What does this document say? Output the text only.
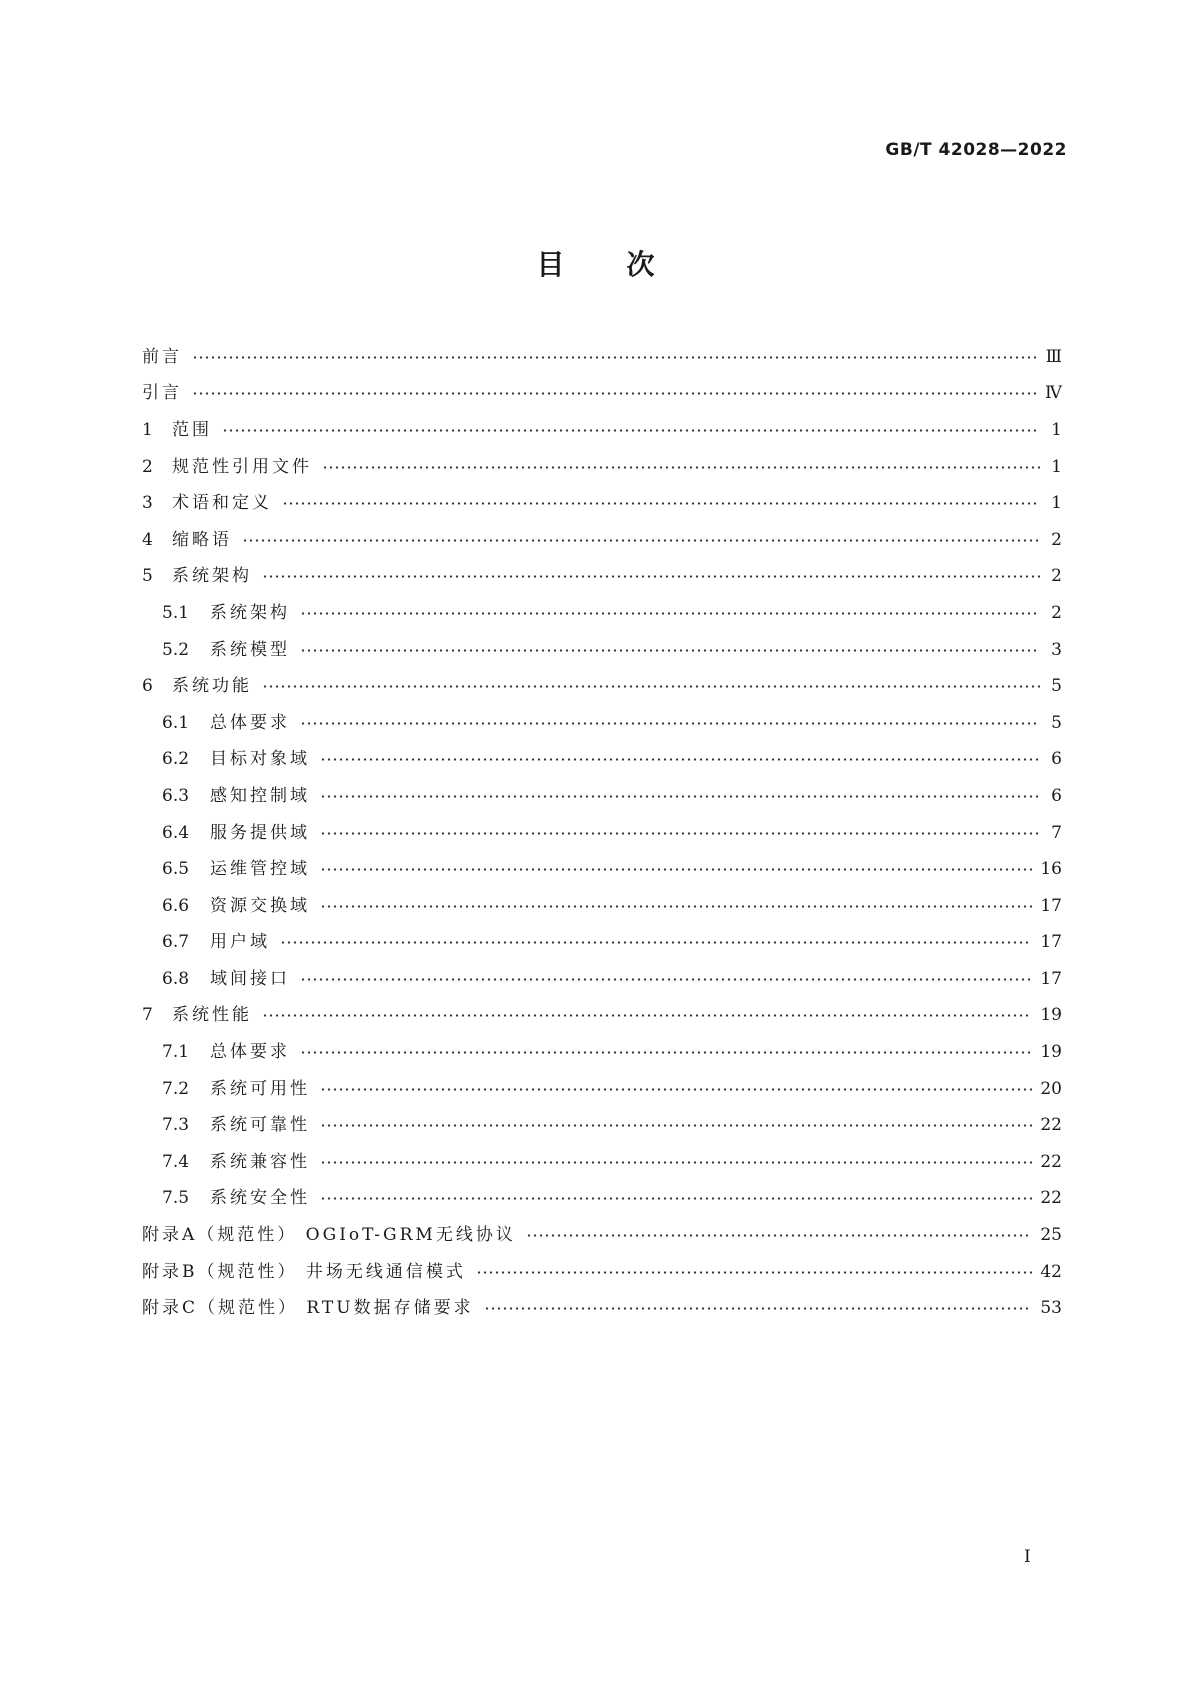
GB/T 42028—2022
目 次
前言	Ⅲ
引言	Ⅳ
1	范围	1
2	规范性引用文件	1
3	术语和定义	1
4	缩略语	2
5	系统架构	2
5.1	系统架构	2
5.2	系统模型	3
6	系统功能	5
6.1	总体要求	5
6.2	目标对象域	6
6.3	感知控制域	6
6.4	服务提供域	7
6.5	运维管控域	16
6.6	资源交换域	17
6.7	用户域	17
6.8	域间接口	17
7	系统性能	19
7.1	总体要求	19
7.2	系统可用性	20
7.3	系统可靠性	22
7.4	系统兼容性	22
7.5	系统安全性	22
附录A（规范性） OGIoT-GRM无线协议	25
附录B（规范性） 井场无线通信模式	42
附录C（规范性） RTU数据存储要求	53
I
